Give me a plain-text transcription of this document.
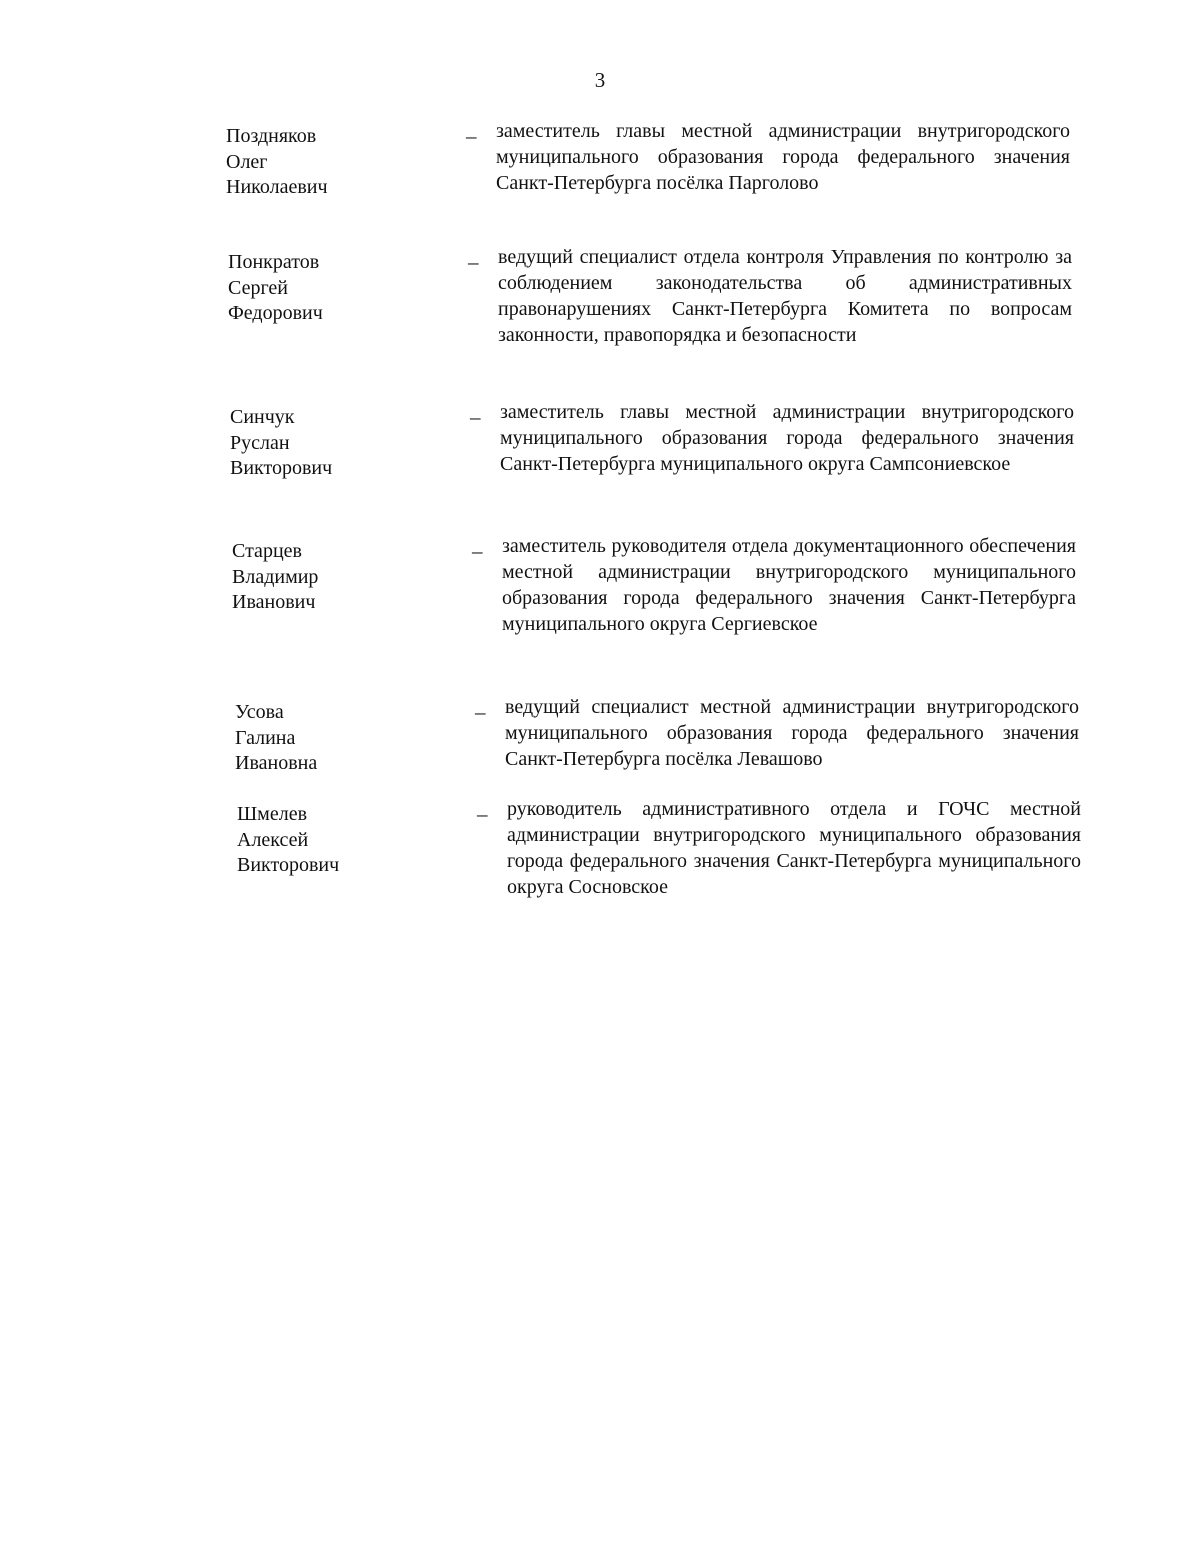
3
Поздняков
Олег
Николаевич
– заместитель главы местной администрации внутригородского муниципального образования города федерального значения Санкт-Петербурга посёлка Парголово
Понкратов
Сергей
Федорович
– ведущий специалист отдела контроля Управления по контролю за соблюдением законодательства об административных правонарушениях Санкт-Петербурга Комитета по вопросам законности, правопорядка и безопасности
Синчук
Руслан
Викторович
– заместитель главы местной администрации внутригородского муниципального образования города федерального значения Санкт-Петербурга муниципального округа Сампсониевское
Старцев
Владимир
Иванович
– заместитель руководителя отдела документационного обеспечения местной администрации внутригородского муниципального образования города федерального значения Санкт-Петербурга муниципального округа Сергиевское
Усова
Галина
Ивановна
– ведущий специалист местной администрации внутригородского муниципального образования города федерального значения Санкт-Петербурга посёлка Левашово
Шмелев
Алексей
Викторович
– руководитель административного отдела и ГОЧС местной администрации внутригородского муниципального образования города федерального значения Санкт-Петербурга муниципального округа Сосновское
